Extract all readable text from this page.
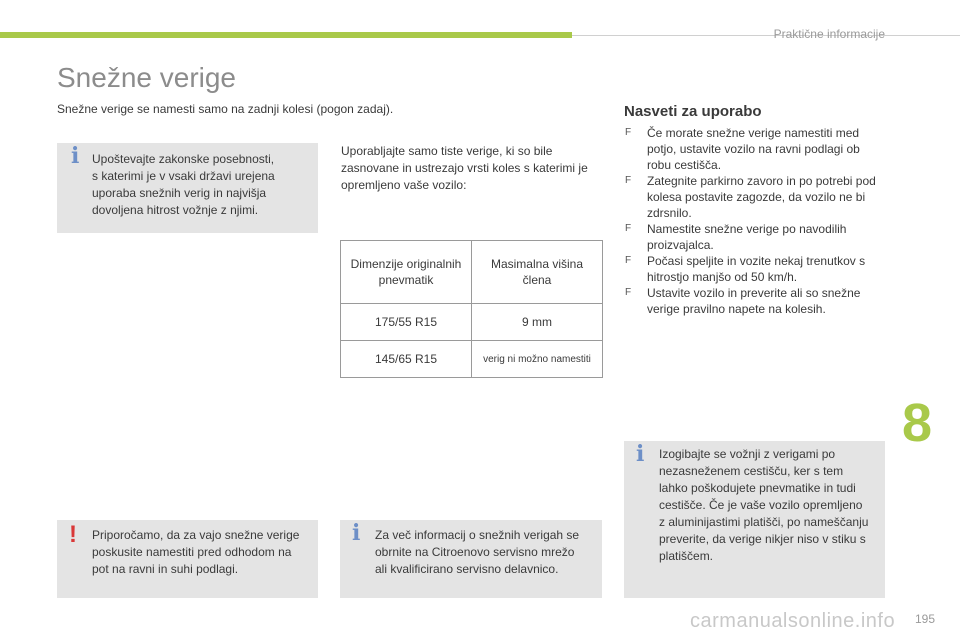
Praktične informacije
Snežne verige
Snežne verige se namesti samo na zadnji kolesi (pogon zadaj).
i Upoštevajte zakonske posebnosti,
s katerimi je v vsaki državi urejena
uporaba snežnih verig in najvišja
dovoljena hitrost vožnje z njimi.
Uporabljajte samo tiste verige, ki so bile
zasnovane in ustrezajo vrsti koles s katerimi je
opremljeno vaše vozilo:
Dimenzije originalnih pnevmatik	Masimalna višina člena
175/55 R15	9 mm
145/65 R15	verig ni možno namestiti
Nasveti za uporabo
F Če morate snežne verige namestiti med potjo, ustavite vozilo na ravni podlagi ob robu cestišča.
F Zategnite parkirno zavoro in po potrebi pod kolesa postavite zagozde, da vozilo ne bi zdrsnilo.
F Namestite snežne verige po navodilih proizvajalca.
F Počasi speljite in vozite nekaj trenutkov s hitrostjo manjšo od 50 km/h.
F Ustavite vozilo in preverite ali so snežne verige pravilno napete na kolesih.
8
! Priporočamo, da za vajo snežne verige
poskusite namestiti pred odhodom na
pot na ravni in suhi podlagi.
i Za več informacij o snežnih verigah se
obrnite na Citroenovo servisno mrežo
ali kvalificirano servisno delavnico.
i Izogibajte se vožnji z verigami po
nezasneženem cestišču, ker s tem
lahko poškodujete pnevmatike in tudi
cestišče. Če je vaše vozilo opremljeno
z aluminijastimi platišči, po nameščanju
preverite, da verige nikjer niso v stiku s
platiščem.
carmanualsonline.info 195
